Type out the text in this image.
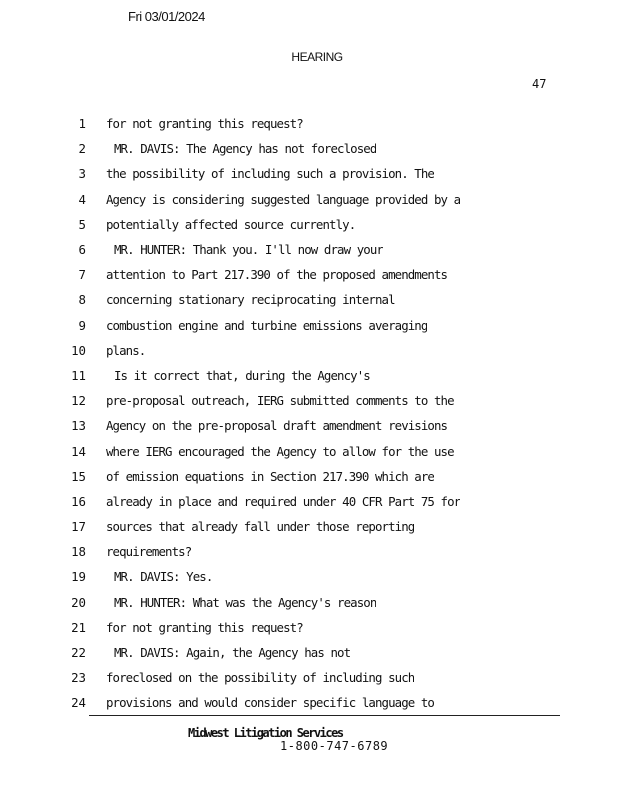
Fri 03/01/2024
HEARING
47
1 for not granting this request?
2 MR. DAVIS: The Agency has not foreclosed
3 the possibility of including such a provision. The
4 Agency is considering suggested language provided by a
5 potentially affected source currently.
6 MR. HUNTER: Thank you. I'll now draw your
7 attention to Part 217.390 of the proposed amendments
8 concerning stationary reciprocating internal
9 combustion engine and turbine emissions averaging
10 plans.
11 Is it correct that, during the Agency's
12 pre-proposal outreach, IERG submitted comments to the
13 Agency on the pre-proposal draft amendment revisions
14 where IERG encouraged the Agency to allow for the use
15 of emission equations in Section 217.390 which are
16 already in place and required under 40 CFR Part 75 for
17 sources that already fall under those reporting
18 requirements?
19 MR. DAVIS: Yes.
20 MR. HUNTER: What was the Agency's reason
21 for not granting this request?
22 MR. DAVIS: Again, the Agency has not
23 foreclosed on the possibility of including such
24 provisions and would consider specific language to
Midwest Litigation Services
1-800-747-6789
